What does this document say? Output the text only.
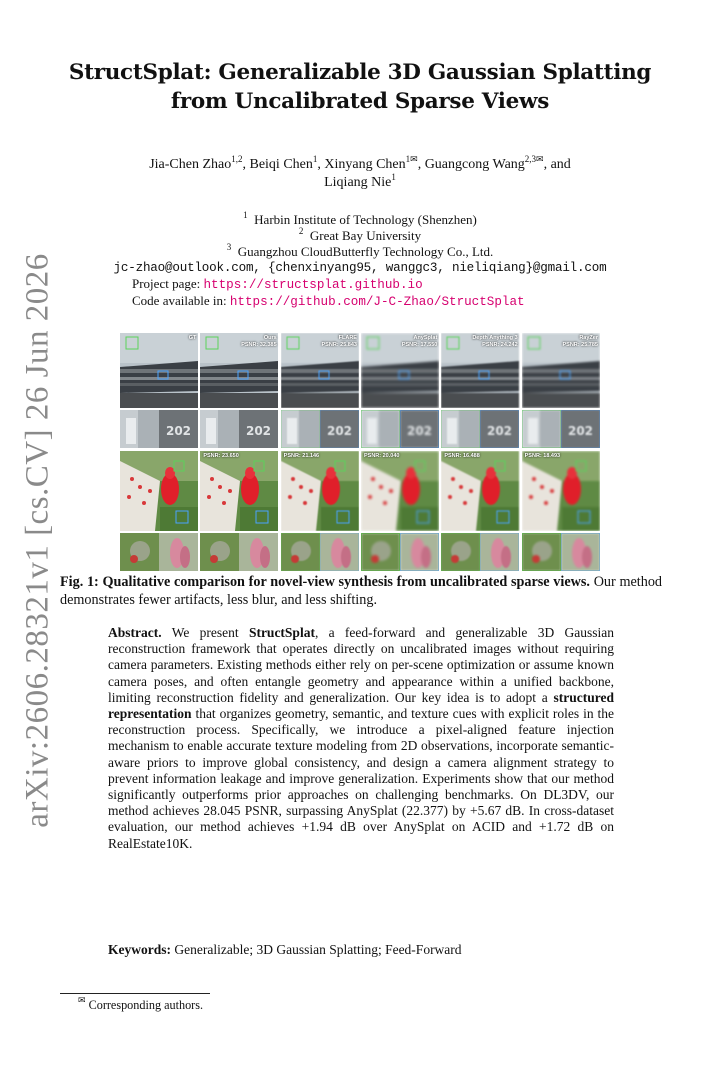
arXiv:2606.28321v1 [cs.CV] 26 Jun 2026
StructSplat: Generalizable 3D Gaussian Splatting
from Uncalibrated Sparse Views
Jia-Chen Zhao$^{1,2}$, Beiqi Chen$^1$, Xinyang Chen$^{1✉}$, Guangcong Wang$^{2,3✉}$, and
Liqiang Nie$^1$
$^1$ Harbin Institute of Technology (Shenzhen)
$^2$ Great Bay University
$^3$ Guangzhou CloudButterfly Technology Co., Ltd.
jc-zhao@outlook.com, {chenxinyang95, wanggc3, nieliqiang}@gmail.com
Project page: https://structsplat.github.io
Code available in: https://github.com/J-C-Zhao/StructSplat
GT	Ours
PSNR: 32.385
FLARE
PSNR: 25.843
AnySplat
PSNR: 17.550
Depth Anything 3
PSNR: 24.242
RayZer
PSNR: 25.785
202	202	202	202	202	202
PSNR: 23.650	PSNR: 21.146	PSNR: 20.040	PSNR: 16.488	PSNR: 18.493
Fig. 1: Qualitative comparison for novel-view synthesis from uncalibrated sparse views. Our method demonstrates fewer artifacts, less blur, and less shifting.
Abstract. We present StructSplat, a feed-forward and generalizable 3D Gaussian reconstruction framework that operates directly on uncalibrated images without requiring camera parameters. Existing methods either rely on per-scene optimization or assume known camera poses, and often entangle geometry and appearance within a unified backbone, limiting reconstruction fidelity and generalization. Our key idea is to adopt a structured representation that organizes geometry, semantic, and texture cues with explicit roles in the reconstruction process. Specifically, we introduce a pixel-aligned feature injection mechanism to enable accurate texture modeling from 2D observations, incorporate semantic-aware priors to improve global consistency, and design a camera alignment strategy to prevent information leakage and improve generalization. Experiments show that our method significantly outperforms prior approaches on challenging benchmarks. On DL3DV, our method achieves 28.045 PSNR, surpassing AnySplat (22.377) by +5.67 dB. In cross-dataset evaluation, our method achieves +1.94 dB over AnySplat on ACID and +1.72 dB on RealEstate10K.
Keywords: Generalizable; 3D Gaussian Splatting; Feed-Forward
✉ Corresponding authors.
